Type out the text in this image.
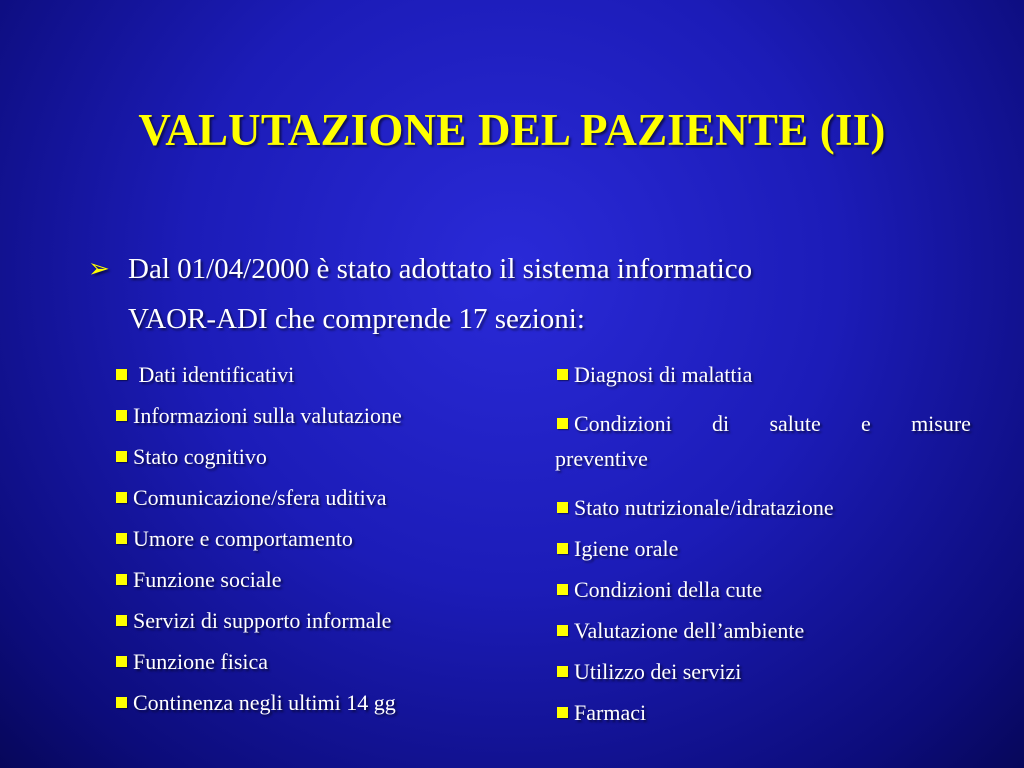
VALUTAZIONE DEL PAZIENTE (II)
➢ Dal 01/04/2000 è stato adottato il sistema informatico
VAOR-ADI che comprende 17 sezioni:
Dati identificativi
Informazioni sulla valutazione
Stato cognitivo
Comunicazione/sfera uditiva
Umore e comportamento
Funzione sociale
Servizi di supporto informale
Funzione fisica
Continenza negli ultimi 14 gg
Diagnosi di malattia
Condizioni di salute e misure
preventive
Stato nutrizionale/idratazione
Igiene orale
Condizioni della cute
Valutazione dell’ambiente
Utilizzo dei servizi
Farmaci
